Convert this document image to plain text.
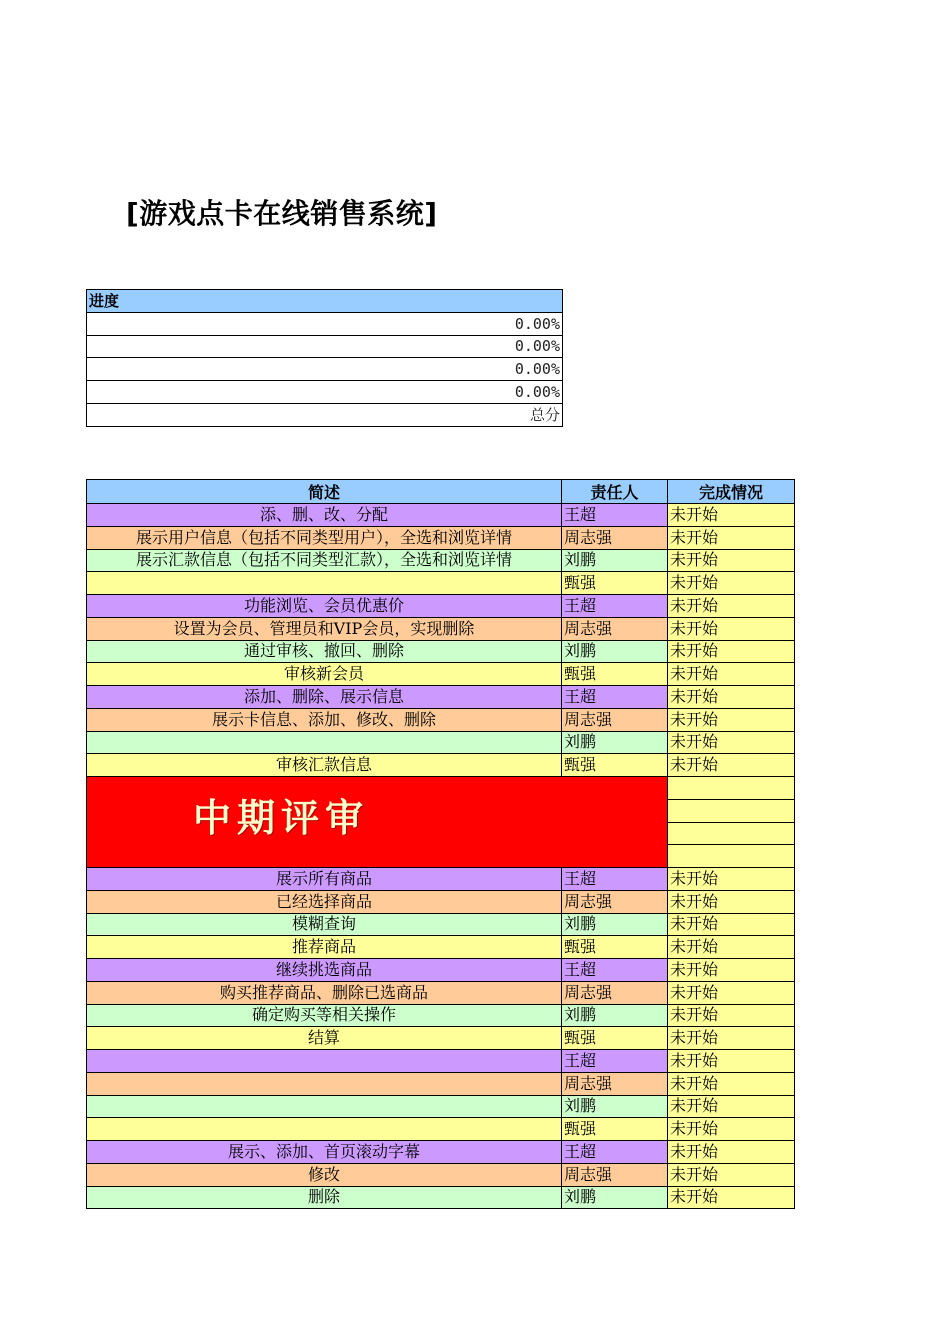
[游戏点卡在线销售系统]
进度
0.00%
0.00%
0.00%
0.00%
总分
简述	责任人	完成情况
添、删、改、分配	王超	未开始
展示用户信息（包括不同类型用户），全选和浏览详情	周志强	未开始
展示汇款信息（包括不同类型汇款），全选和浏览详情	刘鹏	未开始
	甄强	未开始
功能浏览、会员优惠价	王超	未开始
设置为会员、管理员和VIP会员，实现删除	周志强	未开始
通过审核、撤回、删除	刘鹏	未开始
审核新会员	甄强	未开始
添加、删除、展示信息	王超	未开始
展示卡信息、添加、修改、删除	周志强	未开始
	刘鹏	未开始
审核汇款信息	甄强	未开始
中期评审		

展示所有商品	王超	未开始
已经选择商品	周志强	未开始
模糊查询	刘鹏	未开始
推荐商品	甄强	未开始
继续挑选商品	王超	未开始
购买推荐商品、删除已选商品	周志强	未开始
确定购买等相关操作	刘鹏	未开始
结算	甄强	未开始
	王超	未开始
	周志强	未开始
	刘鹏	未开始
	甄强	未开始
展示、添加、首页滚动字幕	王超	未开始
修改	周志强	未开始
删除	刘鹏	未开始
